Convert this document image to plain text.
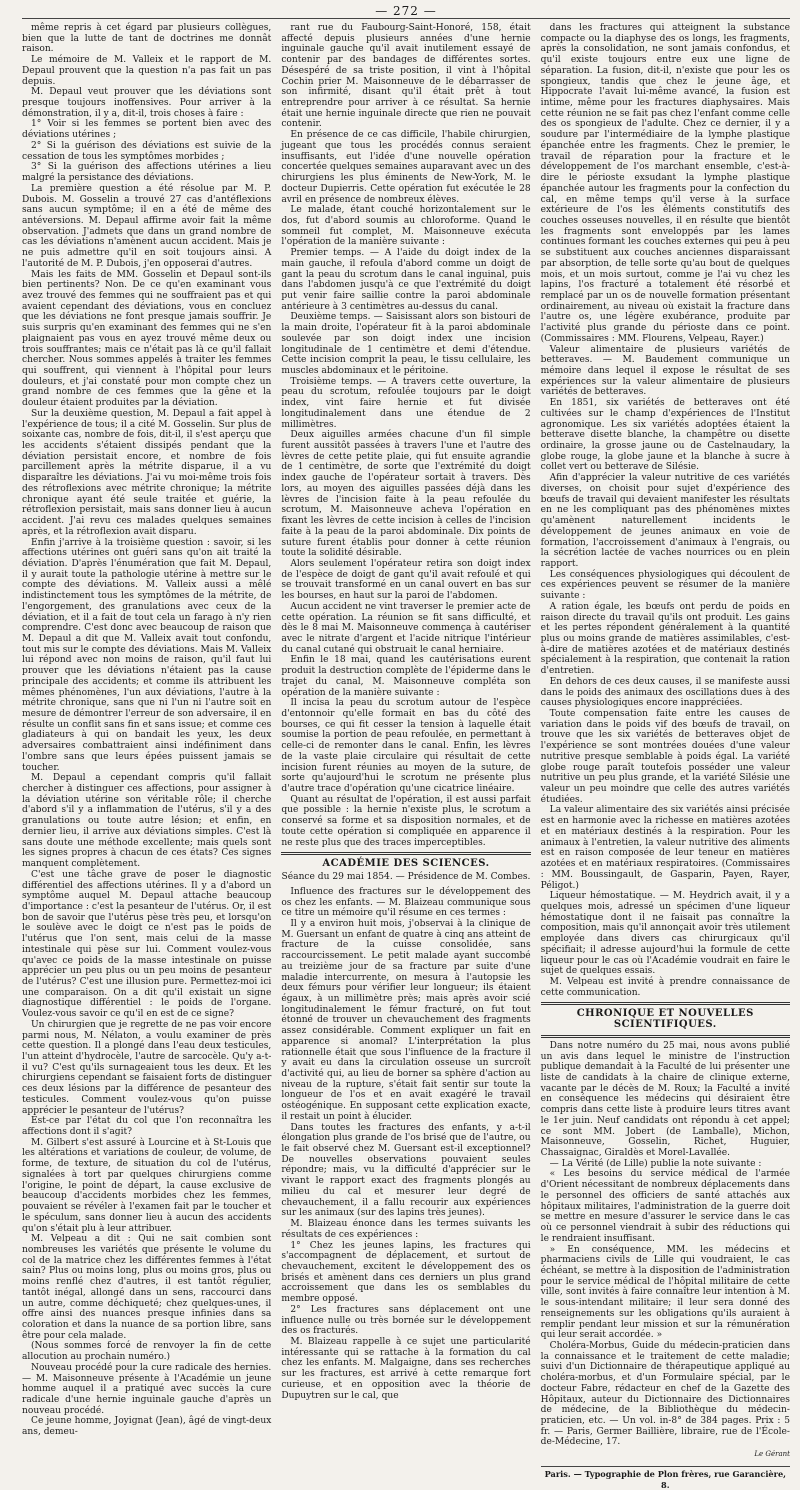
— 272 —

même repris à cet égard par plusieurs collègues, bien que la lutte de tant de doctrines me donnât raison.

Le mémoire de M. Valleix et le rapport de M. Depaul prouvent que la question n'a pas fait un pas depuis.

M. Depaul veut prouver que les déviations sont presque toujours inoffensives. Pour arriver à la démonstration, il y a, dit-il, trois choses à faire :

1° Voir si les femmes se portent bien avec des déviations utérines ;

2° Si la guérison des déviations est suivie de la cessation de tous les symptômes morbides ;

3° Si la guérison des affections utérines a lieu malgré la persistance des déviations.

La première question a été résolue par M. P. Dubois. M. Gosselin a trouvé 27 cas d'antéflexions sans aucun symptôme; il en a été de même des antéversions. M. Depaul affirme avoir fait la même observation. J'admets que dans un grand nombre de cas les déviations n'amènent aucun accident. Mais je ne puis admettre qu'il en soit toujours ainsi. A l'autorité de M. P. Dubois, j'en opposerai d'autres.

Mais les faits de MM. Gosselin et Depaul sont-ils bien pertinents? Non. De ce qu'en examinant vous avez trouvé des femmes qui ne souffraient pas et qui avaient cependant des déviations, vous en concluez que les déviations ne font presque jamais souffrir. Je suis surpris qu'en examinant des femmes qui ne s'en plaignaient pas vous en ayez trouvé même deux ou trois souffrantes; mais ce n'était pas là ce qu'il fallait chercher. Nous sommes appelés à traiter les femmes qui souffrent, qui viennent à l'hôpital pour leurs douleurs, et j'ai constaté pour mon compte chez un grand nombre de ces femmes que la gêne et la douleur étaient produites par la déviation.

Sur la deuxième question, M. Depaul a fait appel à l'expérience de tous; il a cité M. Gosselin. Sur plus de soixante cas, nombre de fois, dit-il, il s'est aperçu que les accidents s'étaient dissipés pendant que la déviation persistait encore, et nombre de fois parcillement après la métrite disparue, il a vu disparaître les déviations. J'ai vu moi-même trois fois des rétroflexions avec métrite chronique; la métrite chronique ayant été seule traitée et guérie, la rétroflexion persistait, mais sans donner lieu à aucun accident. J'ai revu ces malades quelques semaines après, et la rétroflexion avait disparu.

Enfin j'arrive à la troisième question : savoir, si les affections utérines ont guéri sans qu'on ait traité la déviation. D'après l'énumération que fait M. Depaul, il y aurait toute la pathologie utérine à mettre sur le compte des déviations. M. Valleix aussi a mêlé indistinctement tous les symptômes de la métrite, de l'engorgement, des granulations avec ceux de la déviation, et il a fait de tout cela un farago à n'y rien comprendre. C'est donc avec beaucoup de raison que M. Depaul a dit que M. Valleix avait tout confondu, tout mis sur le compte des déviations. Mais M. Valleix lui répond avec non moins de raison, qu'il faut lui prouver que les déviations n'étaient pas la cause principale des accidents; et comme ils attribuent les mêmes phénomènes, l'un aux déviations, l'autre à la métrite chronique, sans que ni l'un ni l'autre soit en mesure de démontrer l'erreur de son adversaire, il en résulte un conflit sans fin et sans issue; et comme ces gladiateurs à qui on bandait les yeux, les deux adversaires combattraient ainsi indéfiniment dans l'ombre sans que leurs épées puissent jamais se toucher.

M. Depaul a cependant compris qu'il fallait chercher à distinguer ces affections, pour assigner à la déviation utérine son véritable rôle; il cherche d'abord s'il y a inflammation de l'utérus, s'il y a des granulations ou toute autre lésion; et enfin, en dernier lieu, il arrive aux déviations simples. C'est là sans doute une méthode excellente; mais quels sont les signes propres à chacun de ces états? Ces signes manquent complètement.

C'est une tâche grave de poser le diagnostic différentiel des affections utérines. Il y a d'abord un symptôme auquel M. Depaul attache beaucoup d'importance : c'est la pesanteur de l'utérus. Or, il est bon de savoir que l'utérus pèse très peu, et lorsqu'on le soulève avec le doigt ce n'est pas le poids de l'utérus que l'on sent, mais celui de la masse intestinale qui pèse sur lui. Comment voulez-vous qu'avec ce poids de la masse intestinale on puisse apprécier un peu plus ou un peu moins de pesanteur de l'utérus? C'est une illusion pure. Permettez-moi ici une comparaison. On a dit qu'il existait un signe diagnostique différentiel : le poids de l'organe. Voulez-vous savoir ce qu'il en est de ce signe?

Un chirurgien que je regrette de ne pas voir encore parmi nous, M. Nélaton, a voulu examiner de près cette question. Il a plongé dans l'eau deux testicules, l'un atteint d'hydrocèle, l'autre de sarcocèle. Qu'y a-t-il vu? C'est qu'ils surnageaient tous les deux. Et les chirurgiens cependant se faisaient forts de distinguer ces deux lésions par la différence de pesanteur des testicules. Comment voulez-vous qu'on puisse apprécier le pesanteur de l'utérus?

Est-ce par l'état du col que l'on reconnaîtra les affections dont il s'agit?

M. Gilbert s'est assuré à Lourcine et à St-Louis que les altérations et variations de couleur, de volume, de forme, de texture, de situation du col de l'utérus, signalées à tort par quelques chirurgiens comme l'origine, le point de départ, la cause exclusive de beaucoup d'accidents morbides chez les femmes, pouvaient se révéler à l'examen fait par le toucher et le spéculum, sans donner lieu à aucun des accidents qu'on s'était plu à leur attribuer.

M. Velpeau a dit : Qui ne sait combien sont nombreuses les variétés que présente le volume du col de la matrice chez les différentes femmes à l'état sain? Plus ou moins long, plus ou moins gros, plus ou moins renflé chez d'autres, il est tantôt régulier, tantôt inégal, allongé dans un sens, raccourci dans un autre, comme déchiqueté; chez quelques-unes, il offre ainsi des nuances presque infinies dans sa coloration et dans la nuance de sa portion libre, sans être pour cela malade.

(Nous sommes forcé de renvoyer la fin de cette allocution au prochain numéro.)

Nouveau procédé pour la cure radicale des hernies. — M. Maisonneuve présente à l'Académie un jeune homme auquel il a pratiqué avec succès la cure radicale d'une hernie inguinale gauche d'après un nouveau procédé.

Ce jeune homme, Joyignat (Jean), âgé de vingt-deux ans, demeu-

rant rue du Faubourg-Saint-Honoré, 158, était affecté depuis plusieurs années d'une hernie inguinale gauche qu'il avait inutilement essayé de contenir par des bandages de différentes sortes. Désespéré de sa triste position, il vint à l'hôpital Cochin prier M. Maisonneuve de le débarrasser de son infirmité, disant qu'il était prêt à tout entreprendre pour arriver à ce résultat. Sa hernie était une hernie inguinale directe que rien ne pouvait contenir.

En présence de ce cas difficile, l'habile chirurgien, jugeant que tous les procédés connus seraient insuffisants, eut l'idée d'une nouvelle opération concertée quelques semaines auparavant avec un des chirurgiens les plus éminents de New-York, M. le docteur Dupierris. Cette opération fut exécutée le 28 avril en présence de nombreux élèves.

Le malade, étant couché horizontalement sur le dos, fut d'abord soumis au chloroforme. Quand le sommeil fut complet, M. Maisonneuve exécuta l'opération de la manière suivante :

Premier temps. — A l'aide du doigt index de la main gauche, il refoula d'abord comme un doigt de gant la peau du scrotum dans le canal inguinal, puis dans l'abdomen jusqu'à ce que l'extrémité du doigt put venir faire saillie contre la paroi abdominale antérieure à 3 centimètres au-dessus du canal.

Deuxième temps. — Saisissant alors son bistouri de la main droite, l'opérateur fit à la paroi abdominale soulevée par son doigt index une incision longitudinale de 1 centimètre et demi d'étendue. Cette incision comprit la peau, le tissu cellulaire, les muscles abdominaux et le péritoine.

Troisième temps. — A travers cette ouverture, la peau du scrotum, refoulée toujours par le doigt index, vint faire hernie et fut divisée longitudinalement dans une étendue de 2 millimètres.

Deux aiguilles armées chacune d'un fil simple furent aussitôt passées à travers l'une et l'autre des lèvres de cette petite plaie, qui fut ensuite agrandie de 1 centimètre, de sorte que l'extrémité du doigt index gauche de l'opérateur sortait à travers. Dès lors, au moyen des aiguilles passées déjà dans les lèvres de l'incision faite à la peau refoulée du scrotum, M. Maisonneuve acheva l'opération en fixant les lèvres de cette incision à celles de l'incision faite à la peau de la paroi abdominale. Dix points de suture furent établis pour donner à cette réunion toute la solidité désirable.

Alors seulement l'opérateur retira son doigt index de l'espèce de doigt de gant qu'il avait refoulé et qui se trouvait transformé en un canal ouvert en bas sur les bourses, en haut sur la paroi de l'abdomen.

Aucun accident ne vint traverser le premier acte de cette opération. La réunion se fit sans difficulté, et dès le 8 mai M. Maisonneuve commença à cautériser avec le nitrate d'argent et l'acide nitrique l'intérieur du canal cutané qui obstruait le canal herniaire.

Enfin le 18 mai, quand les cautérisations eurent produit la destruction complète de l'épiderme dans le trajet du canal, M. Maisonneuve compléta son opération de la manière suivante :

Il incisa la peau du scrotum autour de l'espèce d'entonnoir qu'elle formait en bas du côté des bourses, ce qui fit cesser la tension à laquelle était soumise la portion de peau refoulée, en permettant à celle-ci de remonter dans le canal. Enfin, les lèvres de la vaste plaie circulaire qui résultait de cette incision furent réunies au moyen de la suture, de sorte qu'aujourd'hui le scrotum ne présente plus d'autre trace d'opération qu'une cicatrice linéaire.

Quant au résultat de l'opération, il est aussi parfait que possible : la hernie n'existe plus, le scrotum a conservé sa forme et sa disposition normales, et de toute cette opération si compliquée en apparence il ne reste plus que des traces imperceptibles.

ACADÉMIE DES SCIENCES.
Séance du 29 mai 1854. — Présidence de M. Combes.

Influence des fractures sur le développement des os chez les enfants. — M. Blaizeau communique sous ce titre un mémoire qu'il résume en ces termes :

Il y a environ huit mois, j'observai à la clinique de M. Guersant un enfant de quatre à cinq ans atteint de fracture de la cuisse consolidée, sans raccourcissement. Le petit malade ayant succombé au treizième jour de sa fracture par suite d'une maladie intercurrente, on mesura à l'autopsie les deux fémurs pour vérifier leur longueur; ils étaient égaux, à un millimètre près; mais après avoir scié longitudinalement le fémur fracturé, on fut tout étonné de trouver un chevauchement des fragments assez considérable. Comment expliquer un fait en apparence si anomal? L'interprétation la plus rationnelle était que sous l'influence de la fracture il y avait eu dans la circulation osseuse un surcroît d'activité qui, au lieu de borner sa sphère d'action au niveau de la rupture, s'était fait sentir sur toute la longueur de l'os et en avait exagéré le travail ostéogénique. En supposant cette explication exacte, il restait un point à élucider.

Dans toutes les fractures des enfants, y a-t-il élongation plus grande de l'os brisé que de l'autre, ou le fait observé chez M. Guersant est-il exceptionnel? De nouvelles observations pouvaient seules répondre; mais, vu la difficulté d'apprécier sur le vivant le rapport exact des fragments plongés au milieu du cal et mesurer leur degré de chevauchement, il a fallu recourir aux expériences sur les animaux (sur des lapins très jeunes).

M. Blaizeau énonce dans les termes suivants les résultats de ces expériences :

1° Chez les jeunes lapins, les fractures qui s'accompagnent de déplacement, et surtout de chevauchement, excitent le développement des os brisés et amènent dans ces derniers un plus grand accroissement que dans les os semblables du membre opposé.

2° Les fractures sans déplacement ont une influence nulle ou très bornée sur le développement des os fracturés.

M. Blaizeau rappelle à ce sujet une particularité intéressante qui se rattache à la formation du cal chez les enfants. M. Malgaigne, dans ses recherches sur les fractures, est arrivé à cette remarque fort curieuse, et en opposition avec la théorie de Dupuytren sur le cal, que

dans les fractures qui atteignent la substance compacte ou la diaphyse des os longs, les fragments, après la consolidation, ne sont jamais confondus, et qu'il existe toujours entre eux une ligne de séparation. La fusion, dit-il, n'existe que pour les os spongieux, tandis que chez le jeune âge, et Hippocrate l'avait lui-même avancé, la fusion est intime, même pour les fractures diaphysaires. Mais cette réunion ne se fait pas chez l'enfant comme celle des os spongieux de l'adulte. Chez ce dernier, il y a soudure par l'intermédiaire de la lymphe plastique épanchée entre les fragments. Chez le premier, le travail de réparation pour la fracture et le développement de l'os marchant ensemble, c'est-à-dire le périoste exsudant la lymphe plastique épanchée autour les fragments pour la confection du cal, en même temps qu'il verse à la surface extérieure de l'os les éléments constitutifs des couches osseuses nouvelles, il en résulte que bientôt les fragments sont enveloppés par les lames continues formant les couches externes qui peu à peu se substituent aux couches anciennes disparaissant par absorption, de telle sorte qu'au bout de quelques mois, et un mois surtout, comme je l'ai vu chez les lapins, l'os fracturé a totalement été résorbé et remplacé par un os de nouvelle formation présentant ordinairement, au niveau où existait la fracture dans l'autre os, une légère exubérance, produite par l'activité plus grande du périoste dans ce point. (Commissaires : MM. Flourens, Velpeau, Rayer.)

Valeur alimentaire de plusieurs variétés de betteraves. — M. Baudement communique un mémoire dans lequel il expose le résultat de ses expériences sur la valeur alimentaire de plusieurs variétés de betteraves.

En 1851, six variétés de betteraves ont été cultivées sur le champ d'expériences de l'Institut agronomique. Les six variétés adoptées étaient la betterave disette blanche, la champêtre ou disette ordinaire, la grosse jaune ou de Castelnaudary, la globe rouge, la globe jaune et la blanche à sucre à collet vert ou betterave de Silésie.

Afin d'apprécier la valeur nutritive de ces variétés diverses, on choisit pour sujet d'expérience des bœufs de travail qui devaient manifester les résultats en ne les compliquant pas des phénomènes mixtes qu'amènent naturellement incidents le développement de jeunes animaux en voie de formation, l'accroissement d'animaux à l'engrais, ou la sécrétion lactée de vaches nourrices ou en plein rapport.

Les conséquences physiologiques qui découlent de ces expériences peuvent se résumer de la manière suivante :

A ration égale, les bœufs ont perdu de poids en raison directe du travail qu'ils ont produit. Les gains et les pertes répondent généralement à la quantité plus ou moins grande de matières assimilables, c'est-à-dire de matières azotées et de matériaux destinés spécialement à la respiration, que contenait la ration d'entretien.

En dehors de ces deux causes, il se manifeste aussi dans le poids des animaux des oscillations dues à des causes physiologiques encore inappréciées.

Toute compensation faite entre les causes de variation dans le poids vif des bœufs de travail, on trouve que les six variétés de betteraves objet de l'expérience se sont montrées douées d'une valeur nutritive presque semblable à poids égal. La variété globe rouge paraît toutefois posséder une valeur nutritive un peu plus grande, et la variété Silésie une valeur un peu moindre que celle des autres variétés étudiées.

La valeur alimentaire des six variétés ainsi précisée est en harmonie avec la richesse en matières azotées et en matériaux destinés à la respiration. Pour les animaux à l'entretien, la valeur nutritive des aliments est en raison composée de leur teneur en matières azotées et en matériaux respiratoires. (Commissaires : MM. Boussingault, de Gasparin, Payen, Rayer, Péligot.)

Liqueur hémostatique. — M. Heydrich avait, il y a quelques mois, adressé un spécimen d'une liqueur hémostatique dont il ne faisait pas connaître la composition, mais qu'il annonçait avoir très utilement employée dans divers cas chirurgicaux qu'il spécifiait; il adresse aujourd'hui la formule de cette liqueur pour le cas où l'Académie voudrait en faire le sujet de quelques essais.

M. Velpeau est invité à prendre connaissance de cette communication.

CHRONIQUE ET NOUVELLES SCIENTIFIQUES.

Dans notre numéro du 25 mai, nous avons publié un avis dans lequel le ministre de l'instruction publique demandait à la Faculté de lui présenter une liste de candidats à la chaire de clinique externe, vacante par le décès de M. Roux; la Faculté a invité en conséquence les médecins qui désiraient être compris dans cette liste à produire leurs titres avant le 1er juin. Neuf candidats ont répondu à cet appel; ce sont MM. Jobert (de Lamballe), Michon, Maisonneuve, Gosselin, Richet, Huguier, Chassaignac, Giraldès et Morel-Lavallée.

— La Vérité (de Lille) publie la note suivante :

« Les besoins du service médical de l'armée d'Orient nécessitant de nombreux déplacements dans le personnel des officiers de santé attachés aux hôpitaux militaires, l'administration de la guerre doit se mettre en mesure d'assurer le service dans le cas où ce personnel viendrait à subir des réductions qui le rendraient insuffisant.

» En conséquence, MM. les médecins et pharmaciens civils de Lille qui voudraient, le cas échéant, se mettre à la disposition de l'administration pour le service médical de l'hôpital militaire de cette ville, sont invités à faire connaître leur intention à M. le sous-intendant militaire; il leur sera donné des renseignements sur les obligations qu'ils auraient à remplir pendant leur mission et sur la rémunération qui leur serait accordée. »

Choléra-Morbus, Guide du médecin-praticien dans la connaissance et le traitement de cette maladie; suivi d'un Dictionnaire de thérapeutique appliqué au choléra-morbus, et d'un Formulaire spécial, par le docteur Fabre, rédacteur en chef de la Gazette des Hôpitaux, auteur du Dictionnaire des Dictionnaires de médecine, de la Bibliothèque du médecin-praticien, etc. — Un vol. in-8° de 384 pages. Prix : 5 fr. — Paris, Germer Baillière, libraire, rue de l'École-de-Médecine, 17.

Le Gérant
Paris. — Typographie de Plon frères, rue Garancière, 8.
